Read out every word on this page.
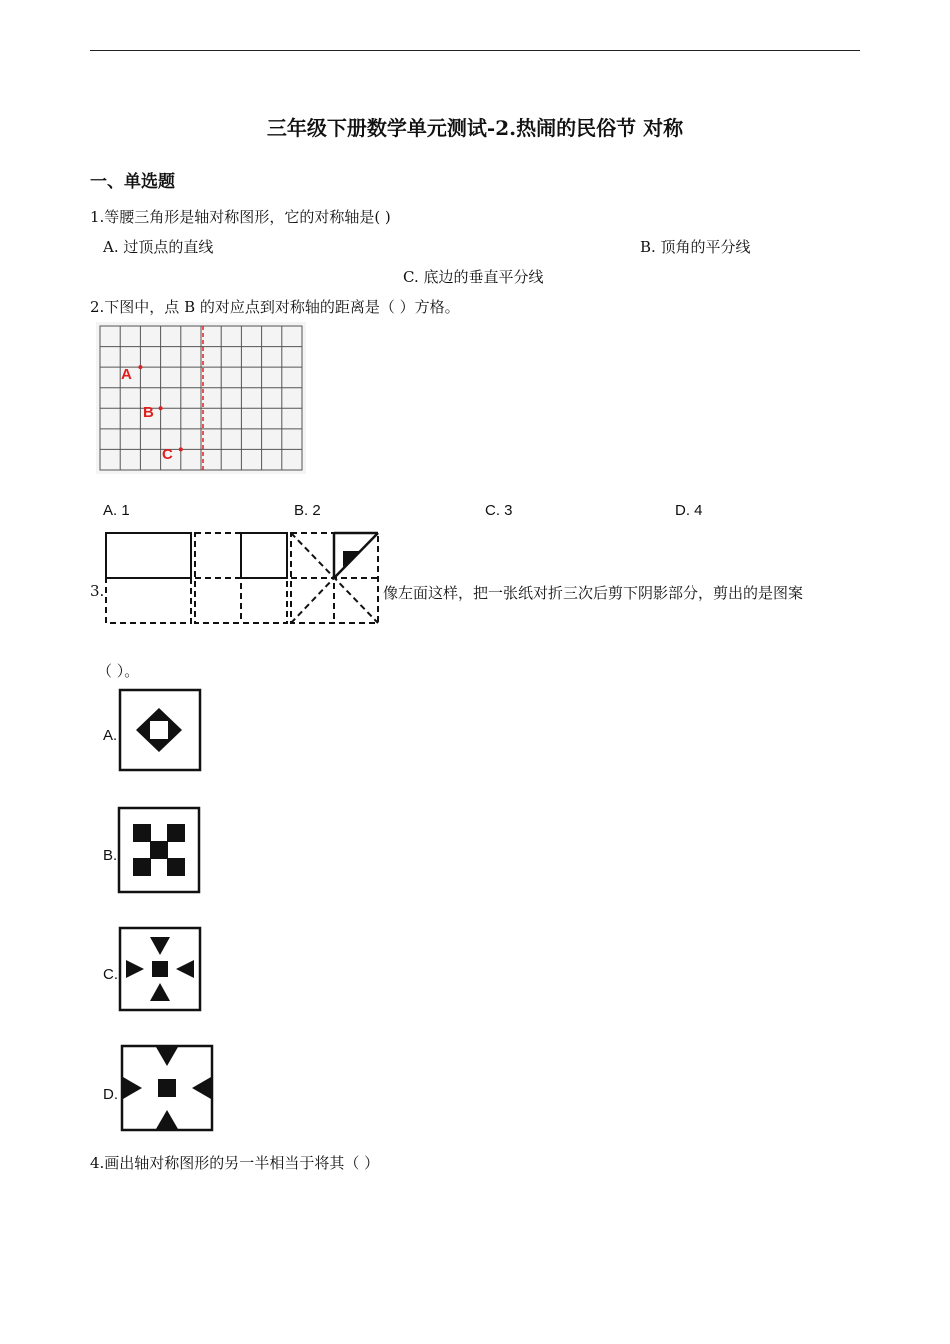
三年级下册数学单元测试-2.热闹的民俗节 对称
一、单选题
1.等腰三角形是轴对称图形，它的对称轴是( )
A. 过顶点的直线	B. 顶角的平分线
C. 底边的垂直平分线
2.下图中，点 B 的对应点到对称轴的距离是（ ）方格。
A
B
C
A. 1	B. 2	C. 3	D. 4
3.	像左面这样，把一张纸对折三次后剪下阴影部分，剪出的是图案
（ ）。
A.
B.
C.
D.
4.画出轴对称图形的另一半相当于将其（ ）
